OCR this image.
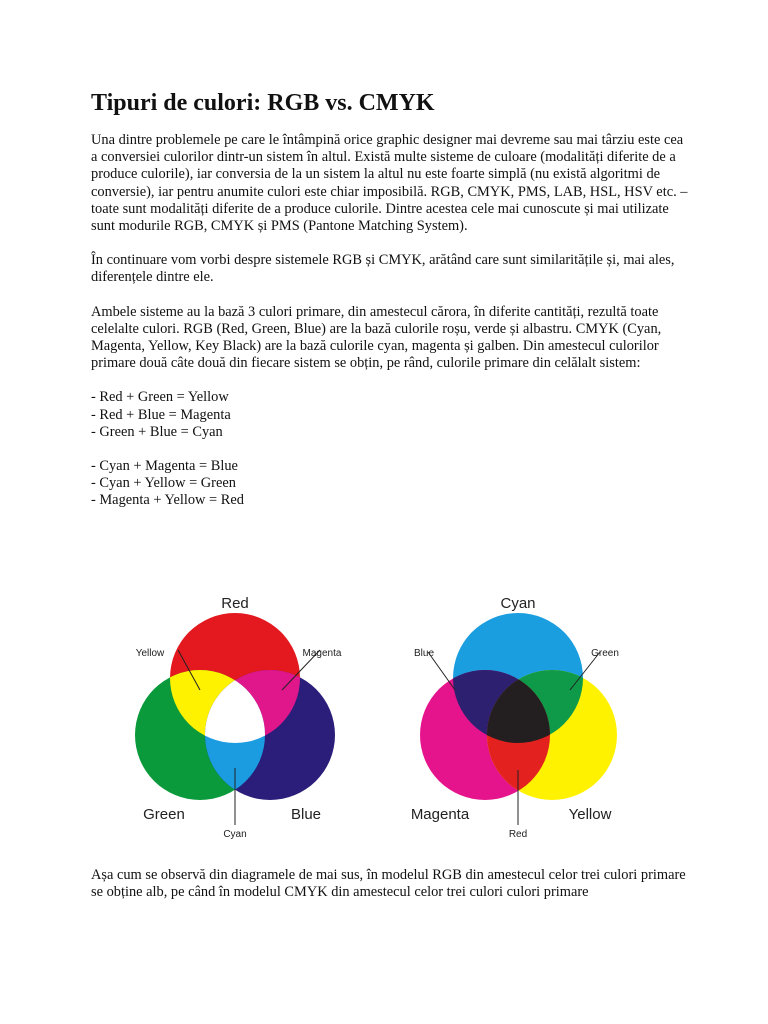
Tipuri de culori: RGB vs. CMYK

Una dintre problemele pe care le întâmpină orice graphic designer mai devreme sau mai târziu este cea a conversiei culorilor dintr-un sistem în altul. Există multe sisteme de culoare (modalități diferite de a produce culorile), iar conversia de la un sistem la altul nu este foarte simplă (nu există algoritmi de conversie), iar pentru anumite culori este chiar imposibilă. RGB, CMYK, PMS, LAB, HSL, HSV etc. – toate sunt modalități diferite de a produce culorile. Dintre acestea cele mai cunoscute și mai utilizate sunt modurile RGB, CMYK și PMS (Pantone Matching System).

În continuare vom vorbi despre sistemele RGB și CMYK, arătând care sunt similaritățile și, mai ales, diferențele dintre ele.

Ambele sisteme au la bază 3 culori primare, din amestecul cărora, în diferite cantități, rezultă toate celelalte culori. RGB (Red, Green, Blue) are la bază culorile roșu, verde și albastru. CMYK (Cyan, Magenta, Yellow, Key Black) are la bază culorile cyan, magenta și galben. Din amestecul culorilor primare două câte două din fiecare sistem se obțin, pe rând, culorile primare din celălalt sistem:

- Red + Green = Yellow

- Red + Blue = Magenta

- Green + Blue = Cyan

- Cyan + Magenta = Blue

- Cyan + Yellow = Green

- Magenta + Yellow = Red

Red
Yellow	Magenta
Green	Blue
Cyan
Cyan
Blue	Green
Magenta	Yellow
Red

Așa cum se observă din diagramele de mai sus, în modelul RGB din amestecul celor trei culori primare se obține alb, pe când în modelul CMYK din amestecul celor trei culori culori primare
